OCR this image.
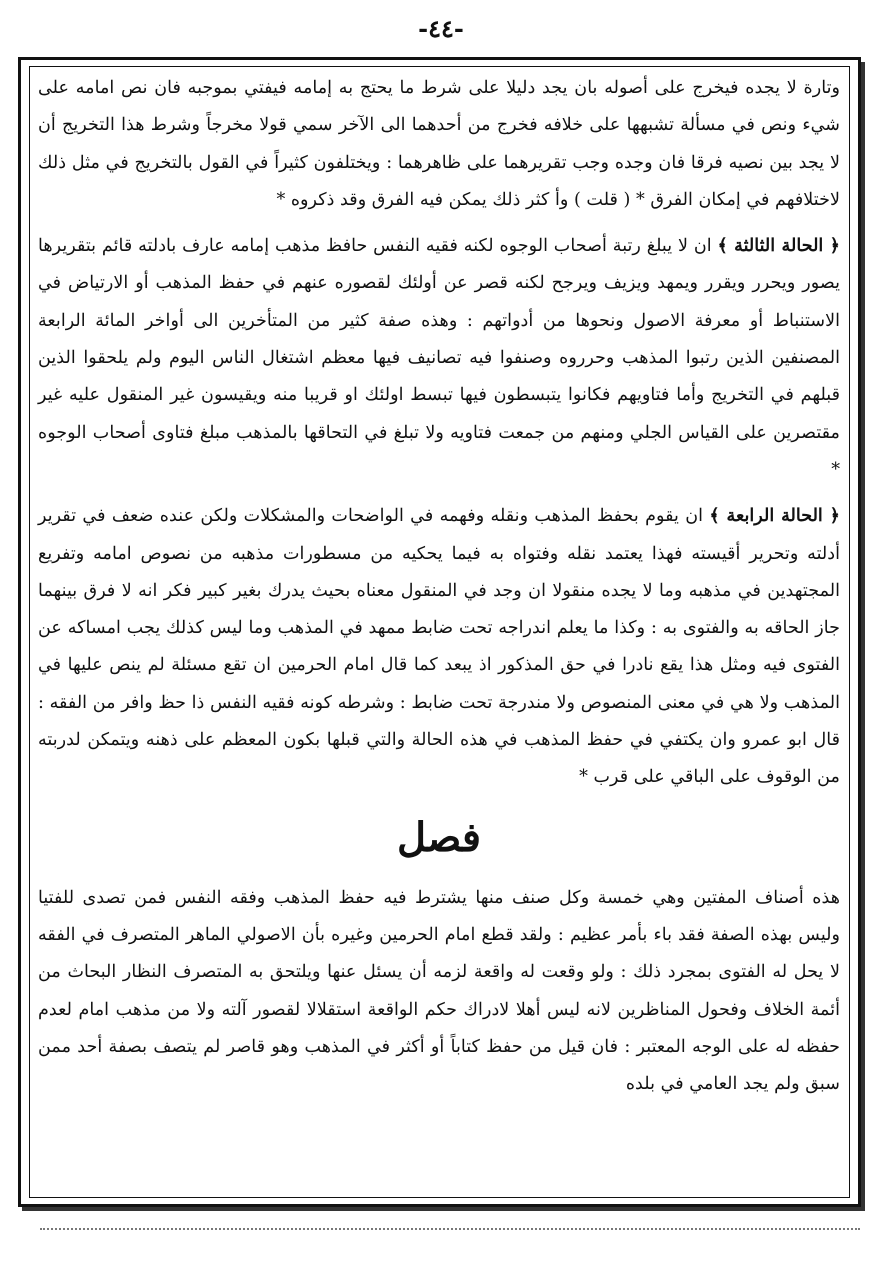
-٤٤-

وتارة لا يجده فيخرج على أصوله بان يجد دليلا على شرط ما يحتج به إمامه فيفتي بموجبه فان نص امامه على شيء ونص في مسألة تشبهها على خلافه فخرج من أحدهما الى الآخر سمي قولا مخرجاً وشرط هذا التخريج أن لا يجد بين نصيه فرقا فان وجده وجب تقريرهما على ظاهرهما : ويختلفون كثيراً في القول بالتخريج في مثل ذلك لاختلافهم في إمكان الفرق * ( قلت ) وأ كثر ذلك يمكن فيه الفرق وقد ذكروه *

﴿ الحالة الثالثة ﴾ ان لا يبلغ رتبة أصحاب الوجوه لكنه فقيه النفس حافظ مذهب إمامه عارف بادلته قائم بتقريرها يصور ويحرر ويقرر ويمهد ويزيف ويرجح لكنه قصر عن أولئك لقصوره عنهم في حفظ المذهب أو الارتياض في الاستنباط أو معرفة الاصول ونحوها من أدواتهم : وهذه صفة كثير من المتأخرين الى أواخر المائة الرابعة المصنفين الذين رتبوا المذهب وحرروه وصنفوا فيه تصانيف فيها معظم اشتغال الناس اليوم ولم يلحقوا الذين قبلهم في التخريج وأما فتاويهم فكانوا يتبسطون فيها تبسط اولئك او قريبا منه ويقيسون غير المنقول عليه غير مقتصرين على القياس الجلي ومنهم من جمعت فتاويه ولا تبلغ في التحاقها بالمذهب مبلغ فتاوى أصحاب الوجوه *

﴿ الحالة الرابعة ﴾ ان يقوم بحفظ المذهب ونقله وفهمه في الواضحات والمشكلات ولكن عنده ضعف في تقرير أدلته وتحرير أقيسته فهذا يعتمد نقله وفتواه به فيما يحكيه من مسطورات مذهبه من نصوص امامه وتفريع المجتهدين في مذهبه وما لا يجده منقولا ان وجد في المنقول معناه بحيث يدرك بغير كبير فكر انه لا فرق بينهما جاز الحاقه به والفتوى به : وكذا ما يعلم اندراجه تحت ضابط ممهد في المذهب وما ليس كذلك يجب امساكه عن الفتوى فيه ومثل هذا يقع نادرا في حق المذكور اذ يبعد كما قال امام الحرمين ان تقع مسئلة لم ينص عليها في المذهب ولا هي في معنى المنصوص ولا مندرجة تحت ضابط : وشرطه كونه فقيه النفس ذا حظ وافر من الفقه : قال ابو عمرو وان يكتفي في حفظ المذهب في هذه الحالة والتي قبلها بكون المعظم على ذهنه ويتمكن لدربته من الوقوف على الباقي على قرب *

فصل

هذه أصناف المفتين وهي خمسة وكل صنف منها يشترط فيه حفظ المذهب وفقه النفس فمن تصدى للفتيا وليس بهذه الصفة فقد باء بأمر عظيم : ولقد قطع امام الحرمين وغيره بأن الاصولي الماهر المتصرف في الفقه لا يحل له الفتوى بمجرد ذلك : ولو وقعت له واقعة لزمه أن يسئل عنها ويلتحق به المتصرف النظار البحاث من أئمة الخلاف وفحول المناظرين لانه ليس أهلا لادراك حكم الواقعة استقلالا لقصور آلته ولا من مذهب امام لعدم حفظه له على الوجه المعتبر : فان قيل من حفظ كتاباً أو أكثر في المذهب وهو قاصر لم يتصف بصفة أحد ممن سبق ولم يجد العامي في بلده
